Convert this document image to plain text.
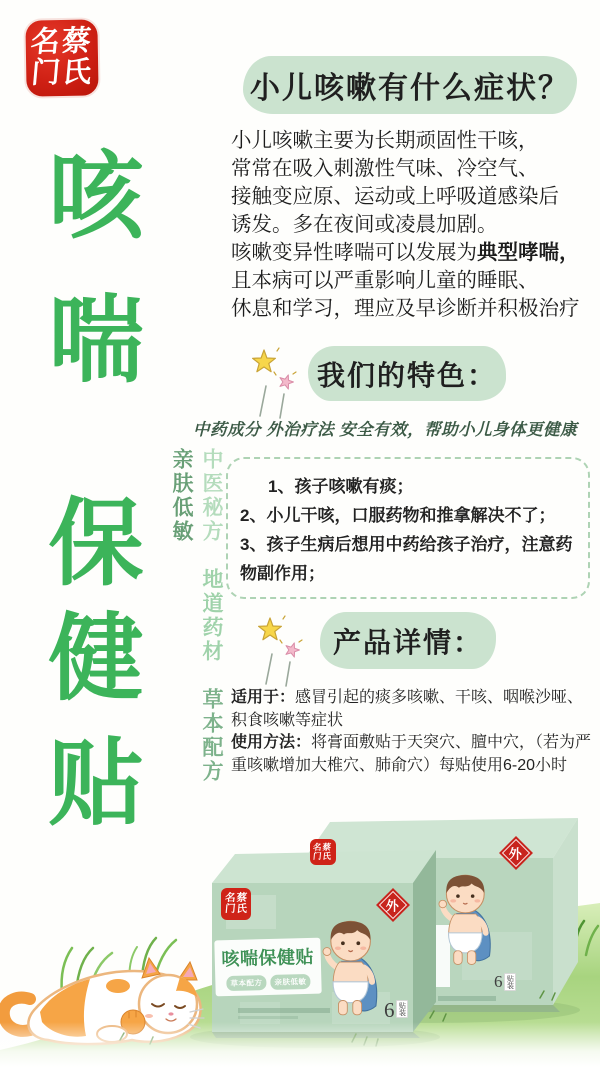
名蔡
门氏
咳
喘
保
健
贴
中医秘方 地道药材 草本配方 亲肤低敏
小儿咳嗽有什么症状？
小儿咳嗽主要为长期顽固性干咳，
常常在吸入刺激性气味、冷空气、
接触变应原、运动或上呼吸道感染后
诱发。多在夜间或凌晨加剧。
咳嗽变异性哮喘可以发展为典型哮喘，
且本病可以严重影响儿童的睡眠、
休息和学习，理应及早诊断并积极治疗
我们的特色：
中药成分 外治疗法 安全有效，帮助小儿身体更健康
1、孩子咳嗽有痰；
2、小儿干咳，口服药物和推拿解决不了；
3、孩子生病后想用中药给孩子治疗，注意药物副作用；
产品详情：

适用于：感冒引起的痰多咳嗽、干咳、咽喉沙哑、积食咳嗽等症状

使用方法：将膏面敷贴于天突穴、膻中穴，（若为严重咳嗽增加大椎穴、肺俞穴）每贴使用6-20小时

名蔡
门氏	外
6 贴装
名蔡
门氏	外
咳喘保健贴
草本配方	亲肤低敏
6 贴装
